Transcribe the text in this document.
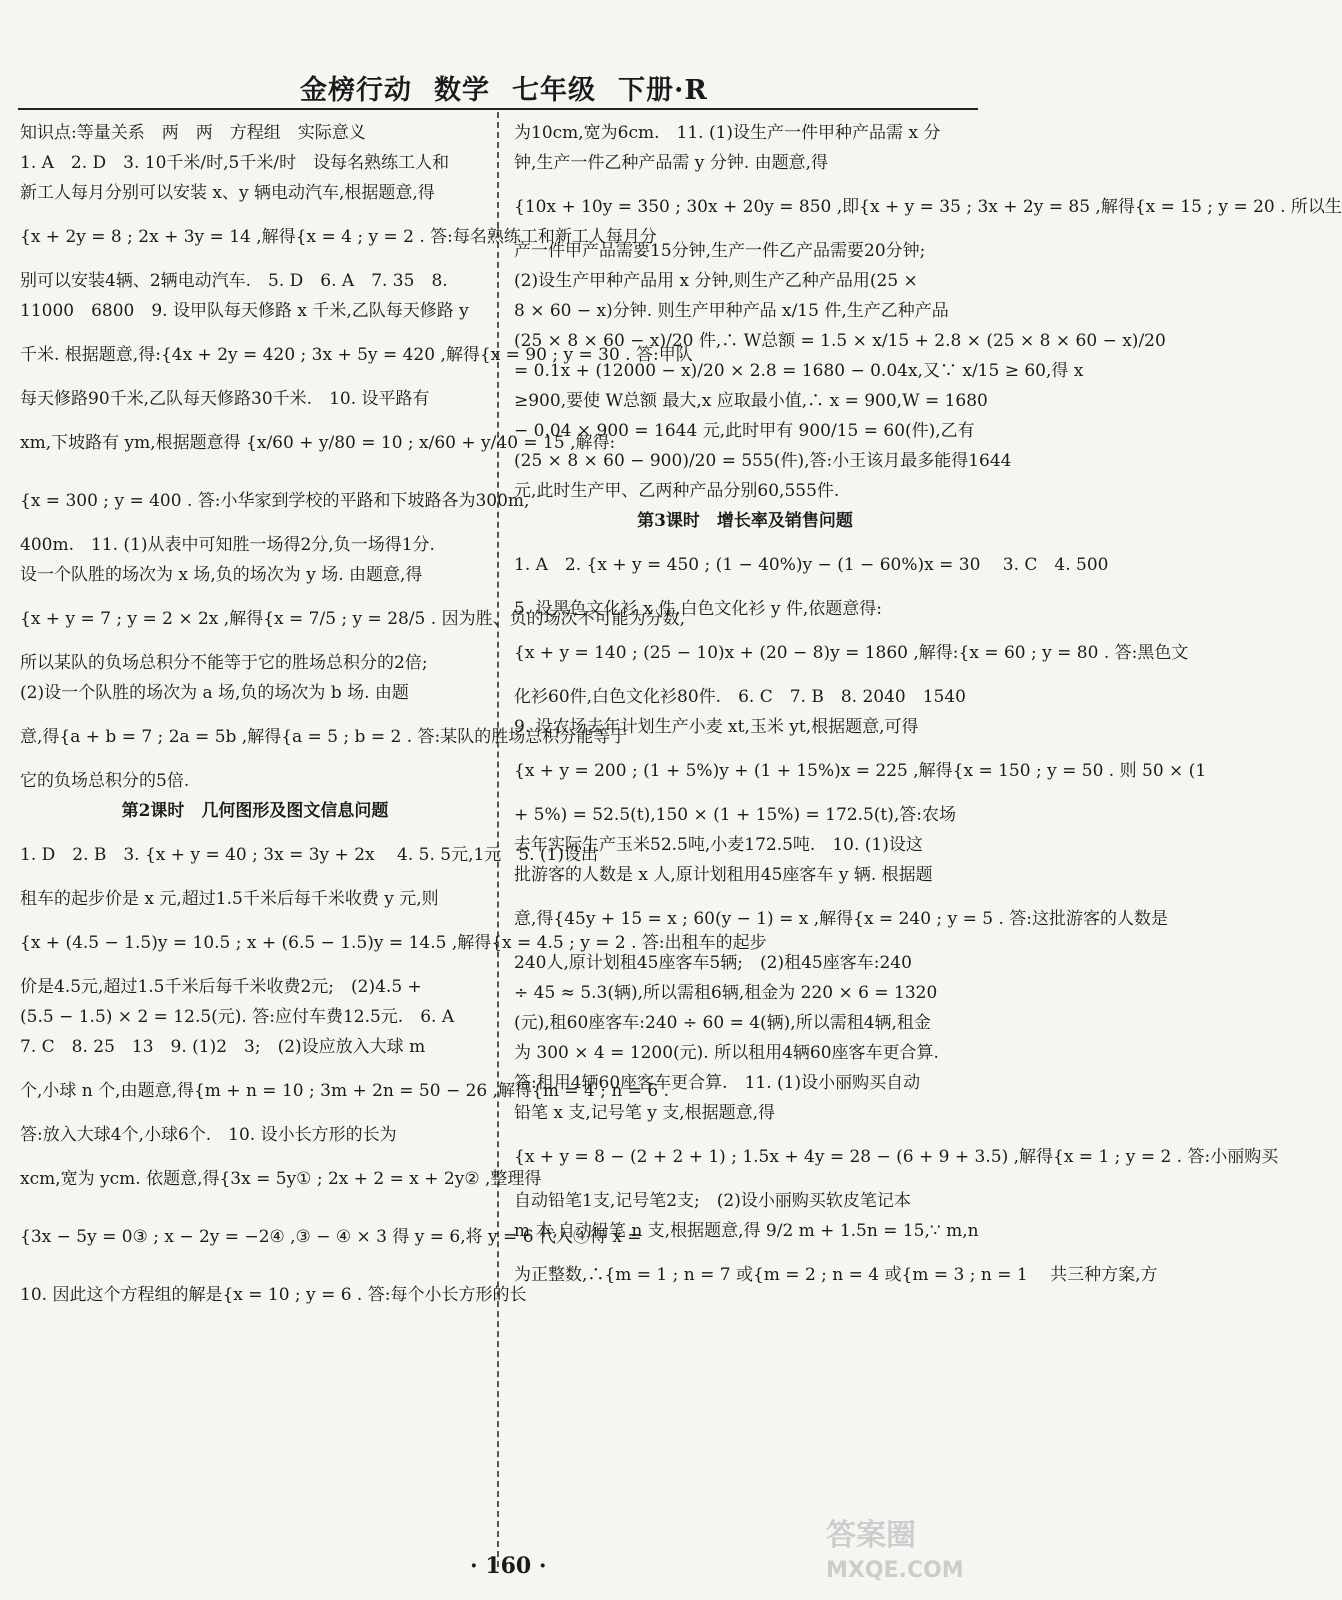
金榜行动 数学 七年级 下册·R
知识点:等量关系　两　两　方程组　实际意义
1. A　2. D　3. 10千米/时,5千米/时　设每名熟练工人和
新工人每月分别可以安装 x、y 辆电动汽车,根据题意,得
{x + 2y = 8 ; 2x + 3y = 14 ,解得{x = 4 ; y = 2 . 答:每名熟练工和新工人每月分
别可以安装4辆、2辆电动汽车.　5. D　6. A　7. 35　8.
11000　6800　9. 设甲队每天修路 x 千米,乙队每天修路 y
千米. 根据题意,得:{4x + 2y = 420 ; 3x + 5y = 420 ,解得{x = 90 ; y = 30 . 答:甲队
每天修路90千米,乙队每天修路30千米.　10. 设平路有
xm,下坡路有 ym,根据题意得 {x/60 + y/80 = 10 ; x/60 + y/40 = 15 ,解得:
{x = 300 ; y = 400 . 答:小华家到学校的平路和下坡路各为300m,
400m.　11. (1)从表中可知胜一场得2分,负一场得1分.
设一个队胜的场次为 x 场,负的场次为 y 场. 由题意,得
{x + y = 7 ; y = 2 × 2x ,解得{x = 7/5 ; y = 28/5 . 因为胜、负的场次不可能为分数,
所以某队的负场总积分不能等于它的胜场总积分的2倍;
(2)设一个队胜的场次为 a 场,负的场次为 b 场. 由题
意,得{a + b = 7 ; 2a = 5b ,解得{a = 5 ; b = 2 . 答:某队的胜场总积分能等于
它的负场总积分的5倍.
第2课时　几何图形及图文信息问题
1. D　2. B　3. {x + y = 40 ; 3x = 3y + 2x 　4. 5. 5元,1元　5. (1)设出
租车的起步价是 x 元,超过1.5千米后每千米收费 y 元,则
{x + (4.5 − 1.5)y = 10.5 ; x + (6.5 − 1.5)y = 14.5 ,解得{x = 4.5 ; y = 2 . 答:出租车的起步
价是4.5元,超过1.5千米后每千米收费2元;　(2)4.5 +
(5.5 − 1.5) × 2 = 12.5(元). 答:应付车费12.5元.　6. A
7. C　8. 25　13　9. (1)2　3;　(2)设应放入大球 m
个,小球 n 个,由题意,得{m + n = 10 ; 3m + 2n = 50 − 26 ,解得{m = 4 ; n = 6 .
答:放入大球4个,小球6个.　10. 设小长方形的长为
xcm,宽为 ycm. 依题意,得{3x = 5y① ; 2x + 2 = x + 2y② ,整理得
{3x − 5y = 0③ ; x − 2y = −2④ ,③ − ④ × 3 得 y = 6,将 y = 6 代入④得 x =
10. 因此这个方程组的解是{x = 10 ; y = 6 . 答:每个小长方形的长
为10cm,宽为6cm.　11. (1)设生产一件甲种产品需 x 分
钟,生产一件乙种产品需 y 分钟. 由题意,得
{10x + 10y = 350 ; 30x + 20y = 850 ,即{x + y = 35 ; 3x + 2y = 85 ,解得{x = 15 ; y = 20 . 所以生
产一件甲产品需要15分钟,生产一件乙产品需要20分钟;
(2)设生产甲种产品用 x 分钟,则生产乙种产品用(25 ×
8 × 60 − x)分钟. 则生产甲种产品 x/15 件,生产乙种产品
(25 × 8 × 60 − x)/20 件,∴ W总额 = 1.5 × x/15 + 2.8 × (25 × 8 × 60 − x)/20
= 0.1x + (12000 − x)/20 × 2.8 = 1680 − 0.04x,又∵ x/15 ≥ 60,得 x
≥900,要使 W总额 最大,x 应取最小值,∴ x = 900,W = 1680
− 0.04 × 900 = 1644 元,此时甲有 900/15 = 60(件),乙有
(25 × 8 × 60 − 900)/20 = 555(件),答:小王该月最多能得1644
元,此时生产甲、乙两种产品分别60,555件.
第3课时　增长率及销售问题
1. A　2. {x + y = 450 ; (1 − 40%)y − (1 − 60%)x = 30 　3. C　4. 500
5. 设黑色文化衫 x 件,白色文化衫 y 件,依题意得:
{x + y = 140 ; (25 − 10)x + (20 − 8)y = 1860 ,解得:{x = 60 ; y = 80 . 答:黑色文
化衫60件,白色文化衫80件.　6. C　7. B　8. 2040　1540
9. 设农场去年计划生产小麦 xt,玉米 yt,根据题意,可得
{x + y = 200 ; (1 + 5%)y + (1 + 15%)x = 225 ,解得{x = 150 ; y = 50 . 则 50 × (1
+ 5%) = 52.5(t),150 × (1 + 15%) = 172.5(t),答:农场
去年实际生产玉米52.5吨,小麦172.5吨.　10. (1)设这
批游客的人数是 x 人,原计划租用45座客车 y 辆. 根据题
意,得{45y + 15 = x ; 60(y − 1) = x ,解得{x = 240 ; y = 5 . 答:这批游客的人数是
240人,原计划租45座客车5辆;　(2)租45座客车:240
÷ 45 ≈ 5.3(辆),所以需租6辆,租金为 220 × 6 = 1320
(元),租60座客车:240 ÷ 60 = 4(辆),所以需租4辆,租金
为 300 × 4 = 1200(元). 所以租用4辆60座客车更合算.
答:租用4辆60座客车更合算.　11. (1)设小丽购买自动
铅笔 x 支,记号笔 y 支,根据题意,得
{x + y = 8 − (2 + 2 + 1) ; 1.5x + 4y = 28 − (6 + 9 + 3.5) ,解得{x = 1 ; y = 2 . 答:小丽购买
自动铅笔1支,记号笔2支;　(2)设小丽购买软皮笔记本
m 本,自动铅笔 n 支,根据题意,得 9/2 m + 1.5n = 15,∵ m,n
为正整数,∴{m = 1 ; n = 7 或{m = 2 ; n = 4 或{m = 3 ; n = 1 　共三种方案,方
· 160 ·
答案圈
MXQE.COM
